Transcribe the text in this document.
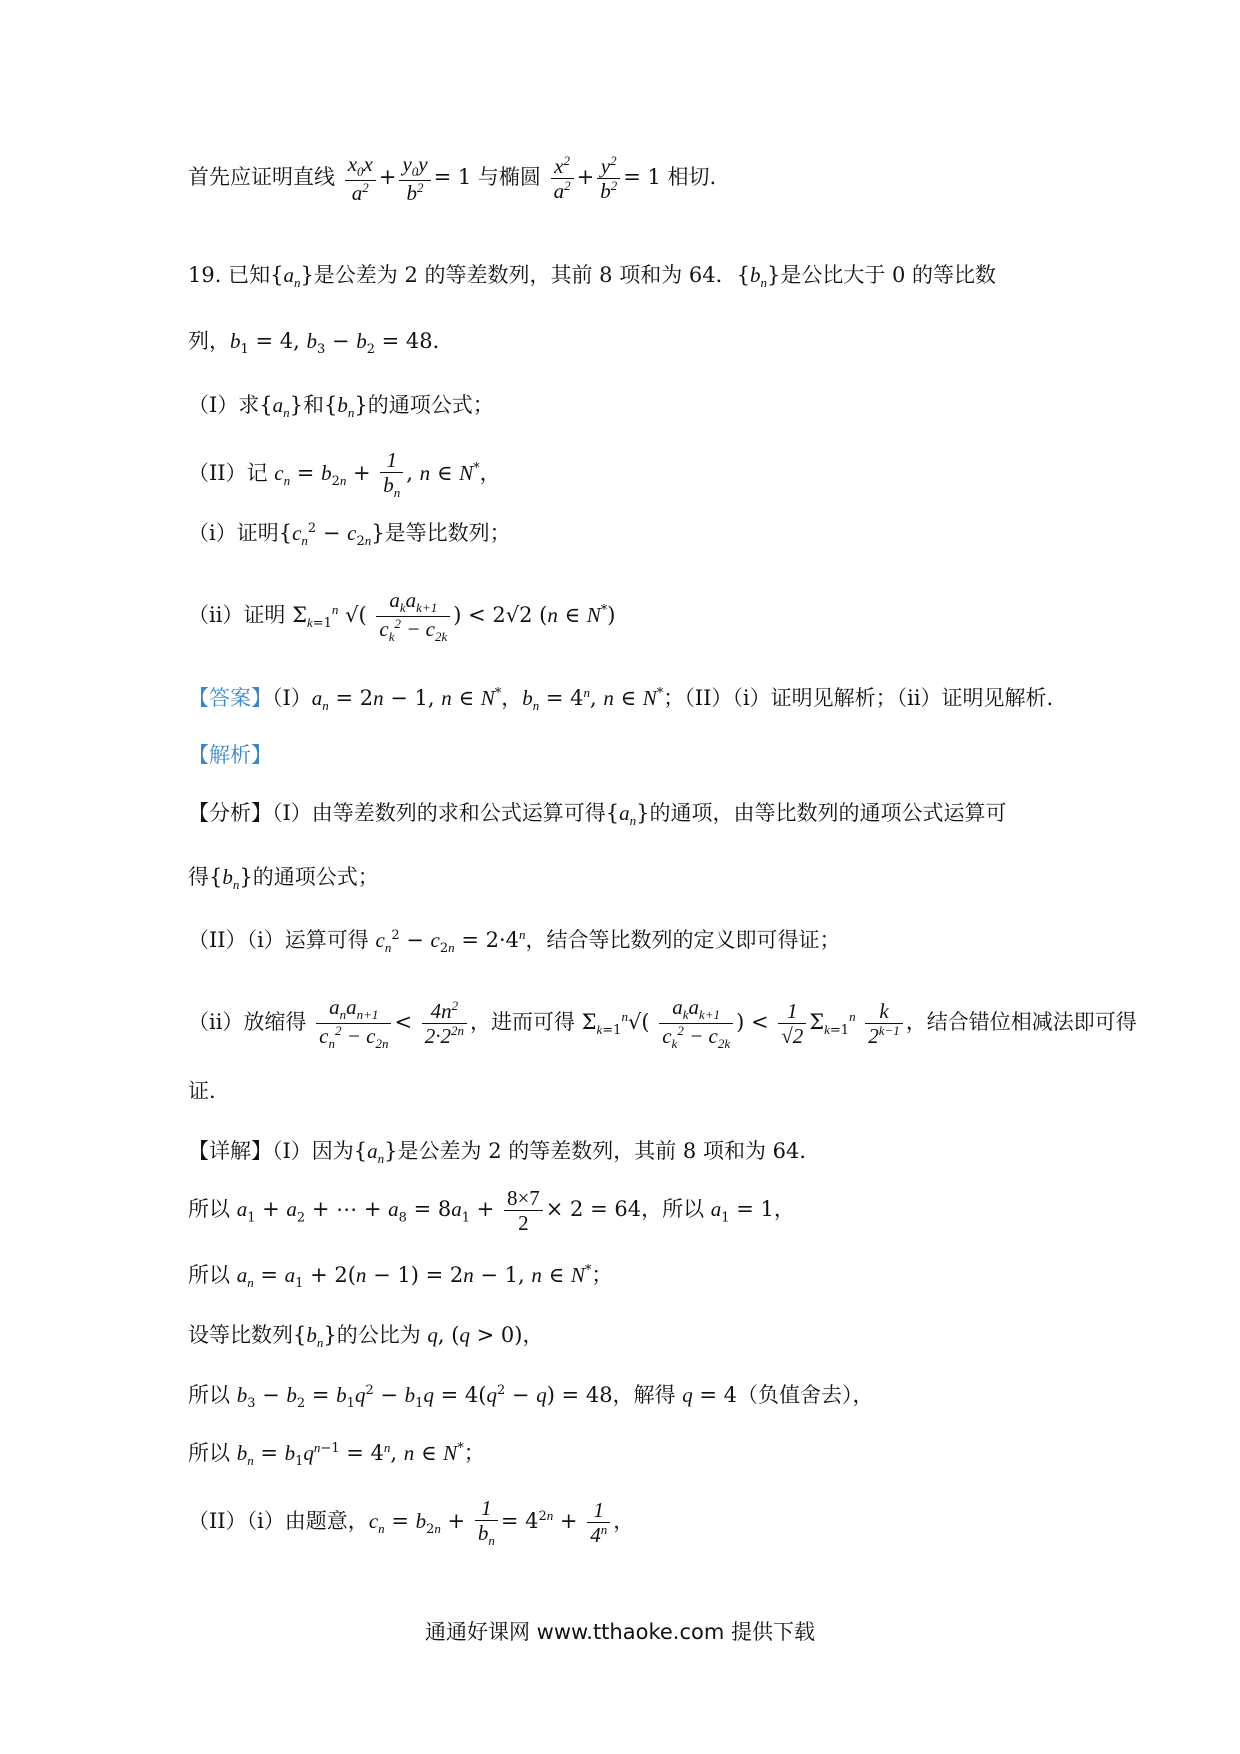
首先应证明直线 $\frac{x_0x}{a^2} + \frac{y_0y}{b^2} = 1$ 与椭圆 $\frac{x^2}{a^2} + \frac{y^2}{b^2} = 1$ 相切.
19. 已知$\{a_n\}$是公差为 2 的等差数列，其前 8 项和为 64．$\{b_n\}$是公比大于 0 的等比数
列，$b_1 = 4$, $b_3 - b_2 = 48$．
（I）求$\{a_n\}$和$\{b_n\}$的通项公式；
（II）记 $c_n = b_{2n} + \frac{1}{b_n}$ , n ∈ N*，
（i）证明$\{c_n^2 - c_{2n}\}$是等比数列；
（ii）证明 $\Sigma_{k=1}^n$ √( $\frac{a_ka_{k+1}}{c_k^2 - c_{2k}}$ ) < 2√2 (n ∈ N*)
【答案】$(I)a_n = 2n - 1$, n ∈ N*，$b_n = 4^n$, n ∈ N*；（II）（i）证明见解析；（ii）证明见解析.
【解析】
【分析】（I）由等差数列的求和公式运算可得$\{a_n\}$的通项，由等比数列的通项公式运算可
得$\{b_n\}$的通项公式；
（II）（i）运算可得 $c_n^2 - c_{2n} = 2\cdot 4^n$，结合等比数列的定义即可得证；
（ii）放缩得 $\frac{a_na_{n+1}}{c_n^2 - c_{2n}} < \frac{4n^2}{2\cdot 2^{2n}}$ ，进而可得 $\Sigma_{k=1}^n√( \frac{a_ka_{k+1}}{c_k^2 - c_{2k}}$ ) < $\frac{1}{√2} \Sigma_{k=1}^n \frac{k}{2^{k-1}}$ ，结合错位相减法即可得
证.
【详解】（I）因为$\{a_n\}$是公差为 2 的等差数列，其前 8 项和为 64．
所以 $a_1 + a_2$ + ⋯ + $a_8 = 8a_1 + \frac{8\times 7}{2} \times 2 = 64$，所以 $a_1 = 1$，
所以 $a_n = a_1 + 2(n - 1) = 2n - 1$, n ∈ N*；
设等比数列$\{b_n\}$的公比为 q, (q > 0)，
所以 $b_3 - b_2 = b_1q^2 - b_1q = 4(q^2 - q) = 48$，解得 q = 4（负值舍去），
所以 $b_n = b_1q^{n-1} = 4^n$, n ∈ N*；
（II）（i）由题意，$c_n = b_{2n} + \frac{1}{b_n} = 4^{2n} + \frac{1}{4^n}$ ，
通通好课网 www.tthaoke.com 提供下载
